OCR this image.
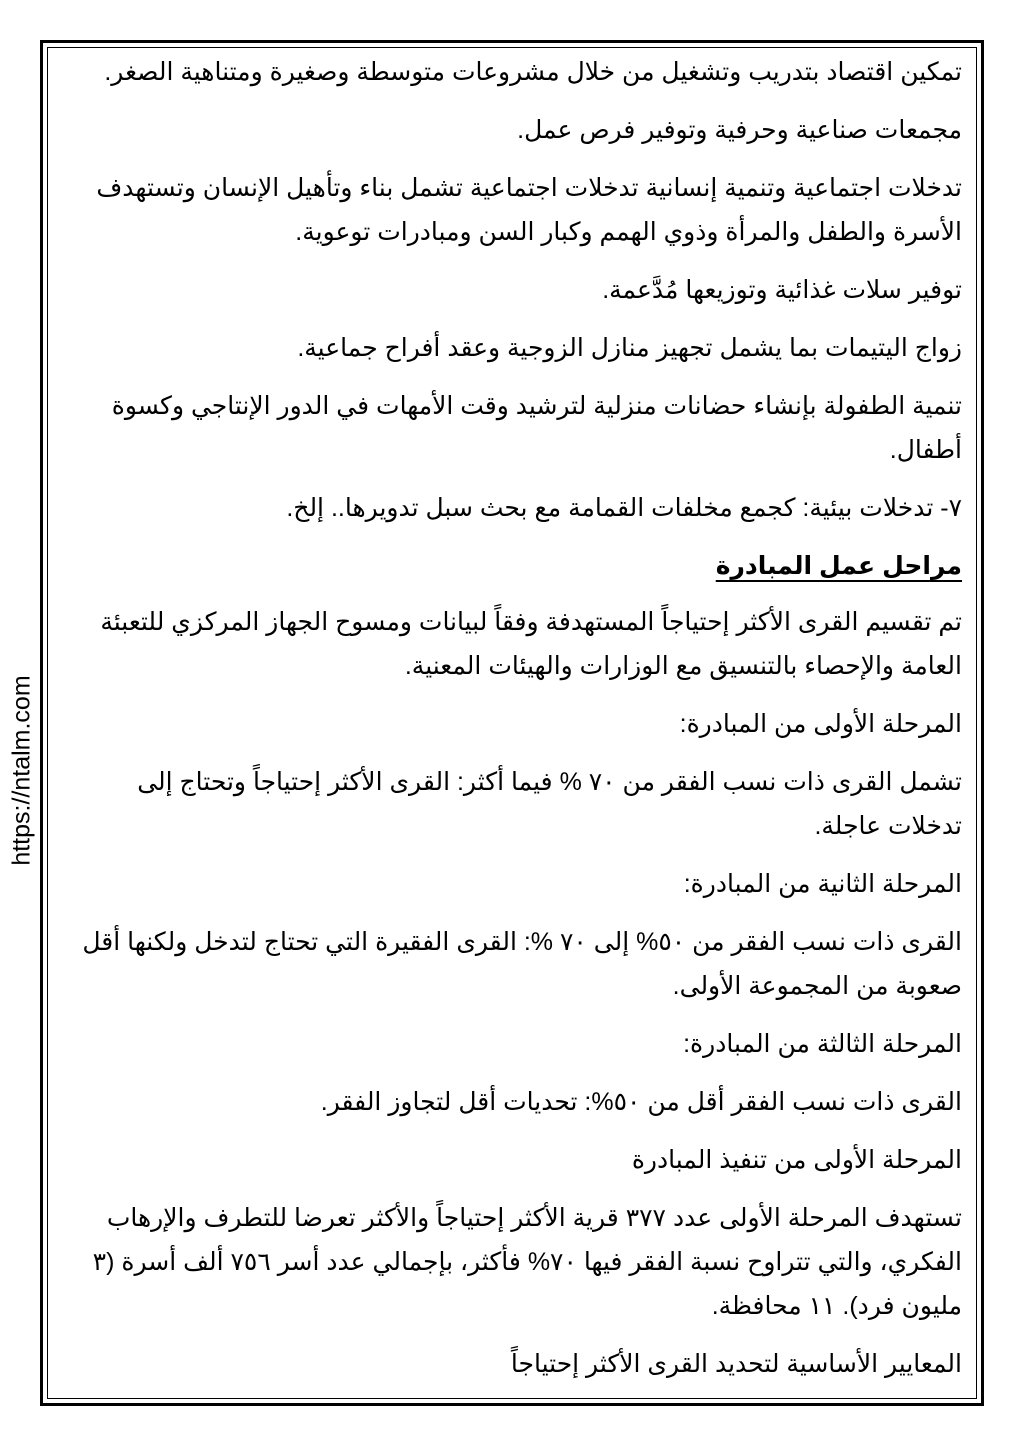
https://ntalm.com

تمكين اقتصاد بتدريب وتشغيل من خلال مشروعات متوسطة وصغيرة ومتناهية الصغر.

مجمعات صناعية وحرفية وتوفير فرص عمل.

تدخلات اجتماعية وتنمية إنسانية تدخلات اجتماعية تشمل بناء وتأهيل الإنسان وتستهدف الأسرة والطفل والمرأة وذوي الهمم وكبار السن ومبادرات توعوية.

توفير سلات غذائية وتوزيعها مُدَّعمة.

زواج اليتيمات بما يشمل تجهيز منازل الزوجية وعقد أفراح جماعية.

تنمية الطفولة بإنشاء حضانات منزلية لترشيد وقت الأمهات في الدور الإنتاجي وكسوة أطفال.

٧- تدخلات بيئية: كجمع مخلفات القمامة مع بحث سبل تدويرها.. إلخ.

مراحل عمل المبادرة

تم تقسيم القرى الأكثر إحتياجاً المستهدفة وفقاً لبيانات ومسوح الجهاز المركزي للتعبئة العامة والإحصاء بالتنسيق مع الوزارات والهيئات المعنية.

المرحلة الأولى من المبادرة:

تشمل القرى ذات نسب الفقر من ٧٠ % فيما أكثر: القرى الأكثر إحتياجاً وتحتاج إلى تدخلات عاجلة.

المرحلة الثانية من المبادرة:

القرى ذات نسب الفقر من ٥٠% إلى ٧٠ %: القرى الفقيرة التي تحتاج لتدخل ولكنها أقل صعوبة من المجموعة الأولى.

المرحلة الثالثة من المبادرة:

القرى ذات نسب الفقر أقل من ٥٠%: تحديات أقل لتجاوز الفقر.

المرحلة الأولى من تنفيذ المبادرة

تستهدف المرحلة الأولى عدد ٣٧٧ قرية الأكثر إحتياجاً والأكثر تعرضا للتطرف والإرهاب الفكري، والتي تتراوح نسبة الفقر فيها ٧٠% فأكثر، بإجمالي عدد أسر ٧٥٦ ألف أسرة (٣ مليون فرد). ١١ محافظة.

المعايير الأساسية لتحديد القرى الأكثر إحتياجاً
